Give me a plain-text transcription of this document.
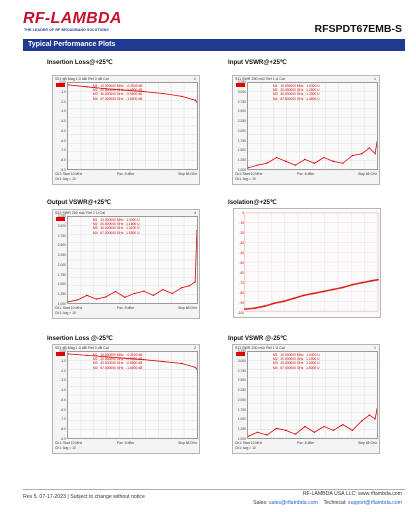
RF-LAMBDA
THE LEADER OF RF BROADBAND SOLUTIONS	RFSPDT67EMB-S
Typical Performance Plots
Insertion Loss@+25℃	Input VSWR@+25℃
Output VSWR@+25℃	Isolation@+25℃
Insertion Loss @-25℃	Input VSWR @-25℃
S21 dB Mag 1.0 dB/ Ref 0 dB Cal	2
0.00
-1.0
-2.0
-3.0
-4.0
-5.0
-6.0
-7.0
-8.0
-9.0
M1   10.000000 MHz   -0.2000 dB
M2   20.000000 GHz   -0.6000 dB
M3   40.000000 GHz   -0.9000 dB
M4   67.000000 GHz   -1.8000 dB
Ch1: Start 10 MHz	Pwr -5 dBm	Stop 68 GHz
Ch1: Avg = 10
S11 SWR 250 mU/ Ref 1 U Cal	1
3.250
3.000
2.750
2.500
2.250
2.000
1.750
1.500
1.250
1.000
M1   10.000000 MHz   1.0300 U
M2   20.000000 GHz   1.2500 U
M3   40.000000 GHz   1.3300 U
M4   67.000000 GHz   1.4500 U
Ch1: Start 10 MHz	Pwr -5 dBm	Stop 68 GHz
Ch1: Avg = 10
S22 SWR 250 mU/ Ref 1 U Cal	4
3.250
3.000
2.750
2.500
2.250
2.000
1.750
1.500
1.250
1.000
M1   10.000000 MHz   1.0300 U
M2   20.000000 GHz   1.1600 U
M3   40.000000 GHz   1.3100 U
M4   67.000000 GHz   1.5500 U
Ch1: Start 10 MHz	Pwr -5 dBm	Stop 68 GHz
Ch1: Avg = 10
S21 dB Mag 1.0 dB/ Ref 0 dB Cal	2
0.00
-1.0
-2.0
-3.0
-4.0
-5.0
-6.0
-7.0
-8.0
-9.0
M1   10.000000 MHz   -0.2000 dB
M2   20.000000 GHz   -0.5000 dB
M3   40.000000 GHz   -0.8000 dB
M4   67.000000 GHz   -1.6000 dB
Ch1: Start 10 MHz	Pwr -5 dBm	Stop 68 GHz
Ch1: Avg = 10
S11 SWR 250 mU/ Ref 1 U Cal	1
3.250
3.000
2.750
2.500
2.250
2.000
1.750
1.500
1.250
1.000
M1   10.000000 MHz   1.0400 U
M2   20.000000 GHz   1.2000 U
M3   40.000000 GHz   1.3000 U
M4   67.000000 GHz   1.5000 U
Ch1: Start 10 MHz	Pwr -5 dBm	Stop 68 GHz
Ch1: Avg = 10
0
-10
-20
-30
-40
-50
-60
-70
-80
-90
-100
Rev 5. 07-17-2023 | Subject to change without notice	RF-LAMBDA USA LLC: www.rflambda.com
Sales: sales@rflambda.com Technical: support@rflambda.com
